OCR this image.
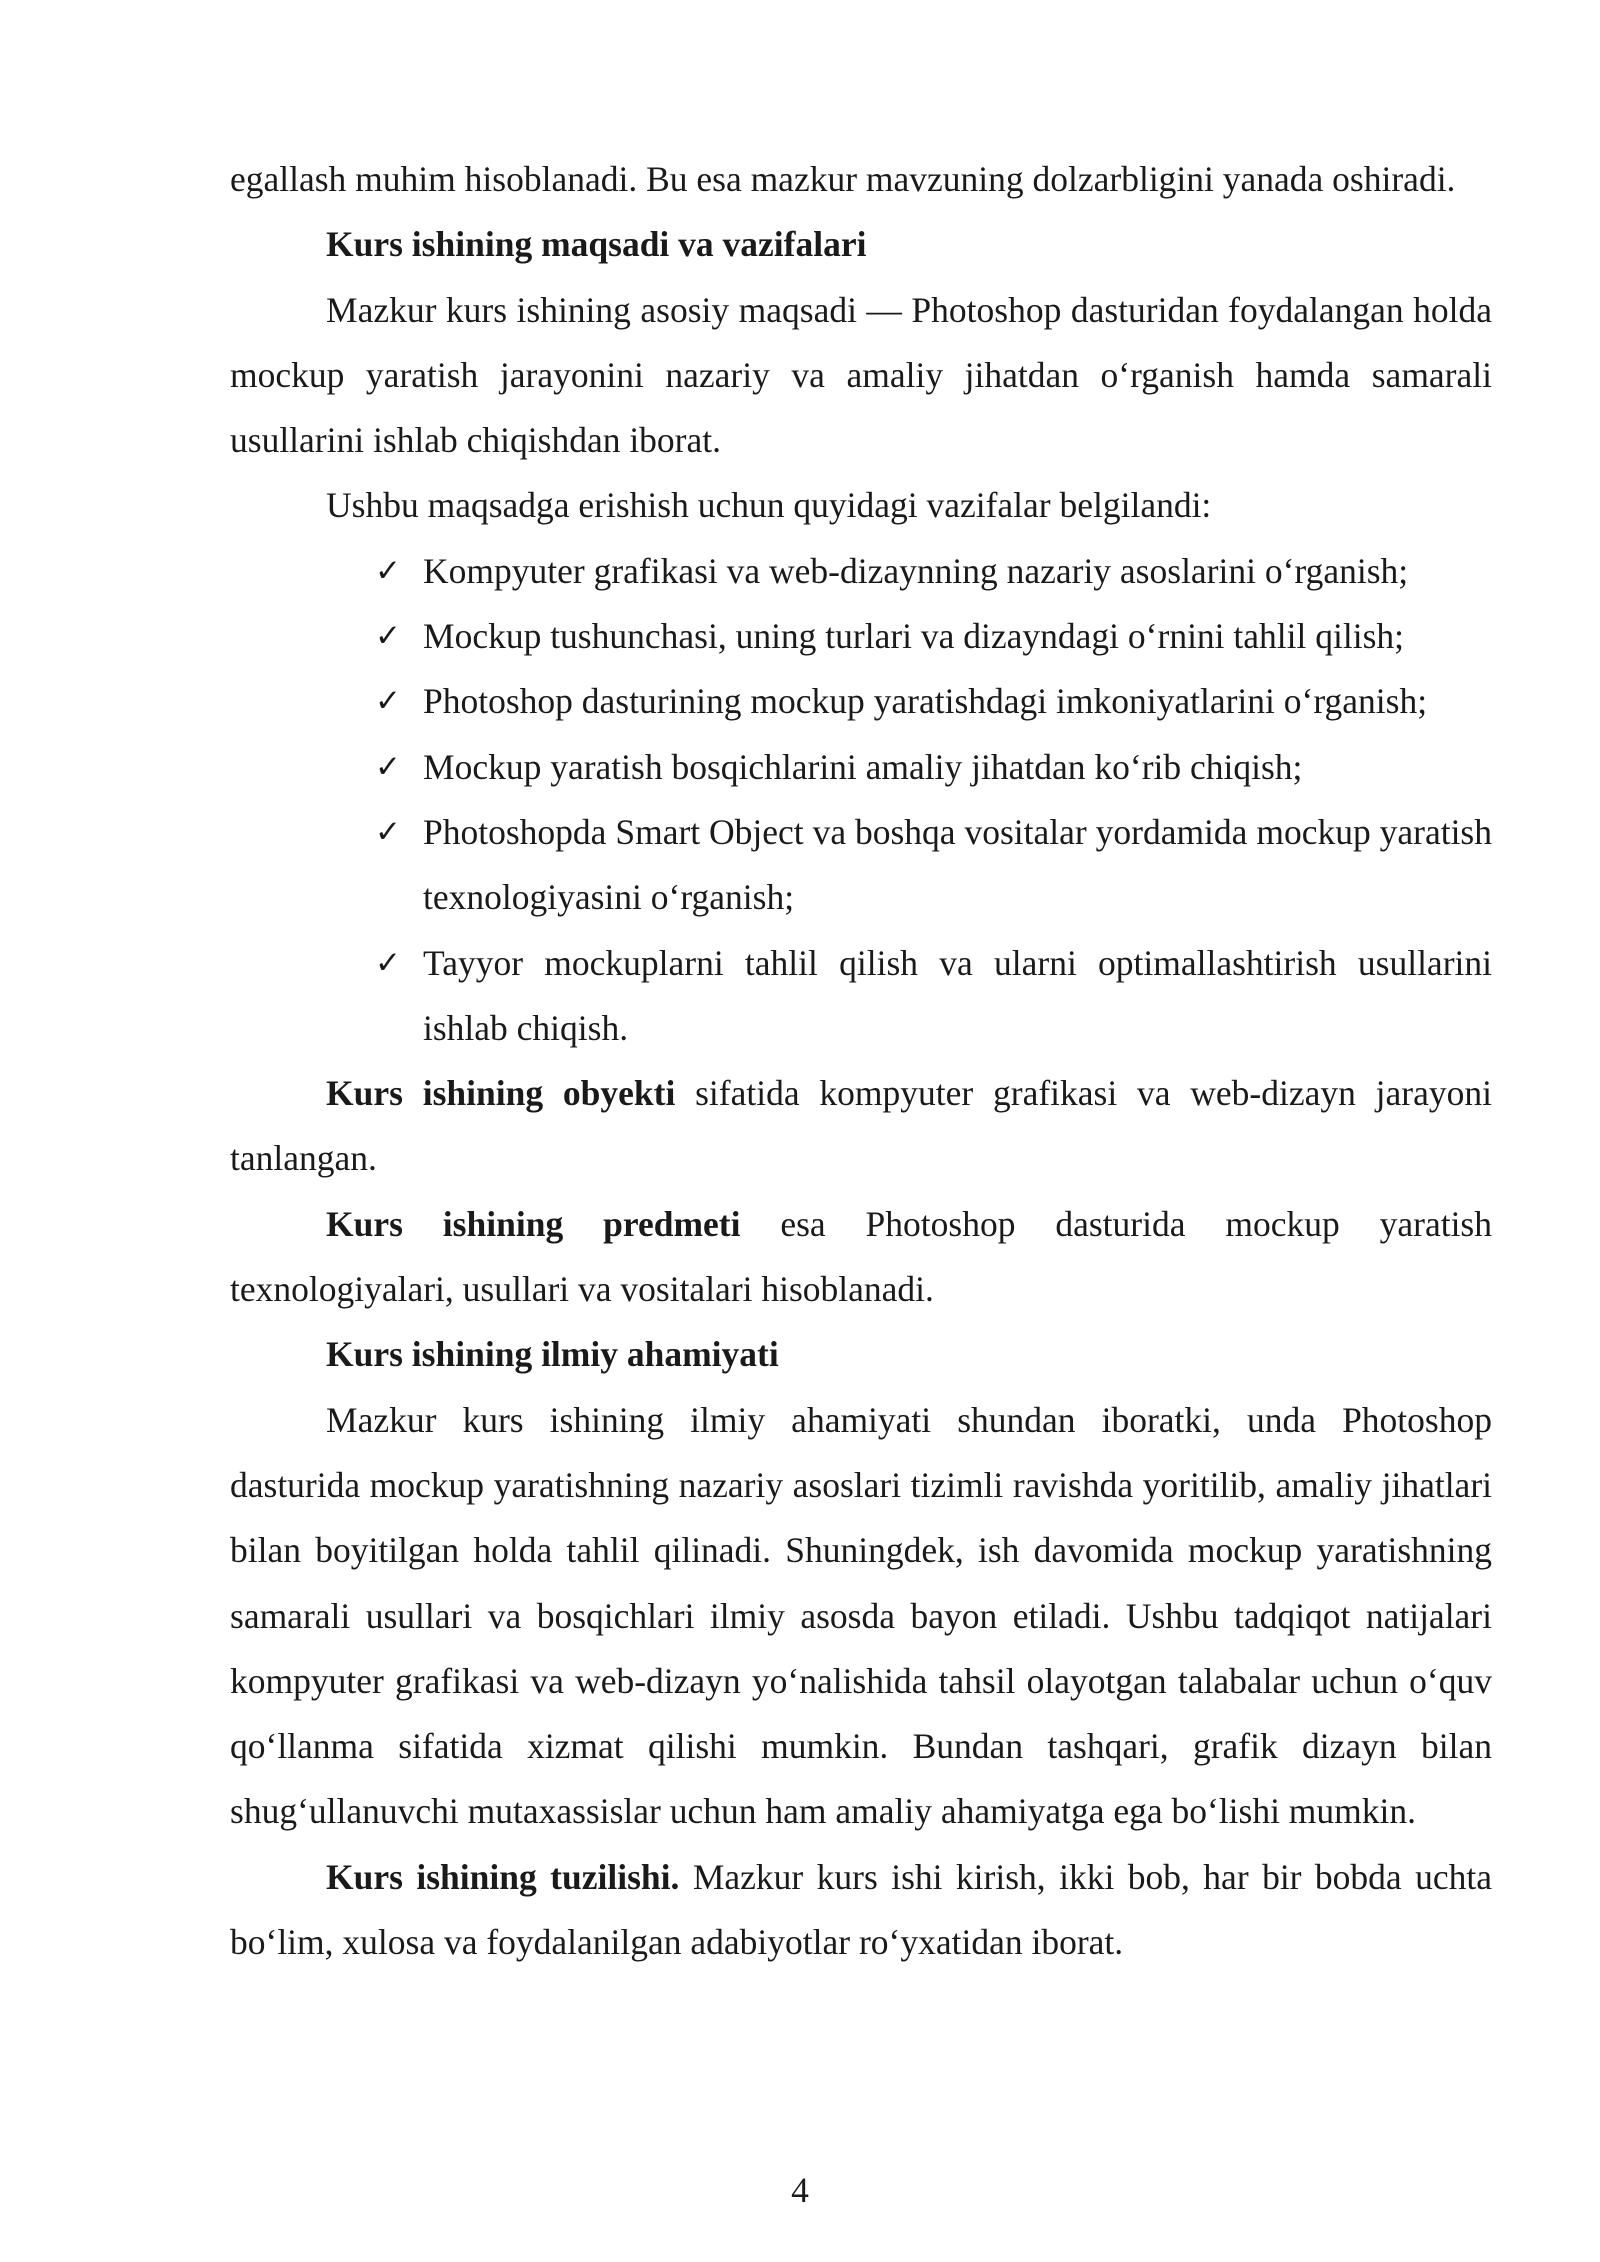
egallash muhim hisoblanadi. Bu esa mazkur mavzuning dolzarbligini yanada oshiradi.

Kurs ishining maqsadi va vazifalari

Mazkur kurs ishining asosiy maqsadi — Photoshop dasturidan foydalangan holda mockup yaratish jarayonini nazariy va amaliy jihatdan o‘rganish hamda samarali usullarini ishlab chiqishdan iborat.

Ushbu maqsadga erishish uchun quyidagi vazifalar belgilandi:

✓ Kompyuter grafikasi va web-dizaynning nazariy asoslarini o‘rganish;
✓ Mockup tushunchasi, uning turlari va dizayndagi o‘rnini tahlil qilish;
✓ Photoshop dasturining mockup yaratishdagi imkoniyatlarini o‘rganish;
✓ Mockup yaratish bosqichlarini amaliy jihatdan ko‘rib chiqish;
✓ Photoshopda Smart Object va boshqa vositalar yordamida mockup yaratish texnologiyasini o‘rganish;
✓ Tayyor mockuplarni tahlil qilish va ularni optimallashtirish usullarini ishlab chiqish.

Kurs ishining obyekti sifatida kompyuter grafikasi va web-dizayn jarayoni tanlangan.

Kurs ishining predmeti esa Photoshop dasturida mockup yaratish texnologiyalari, usullari va vositalari hisoblanadi.

Kurs ishining ilmiy ahamiyati

Mazkur kurs ishining ilmiy ahamiyati shundan iboratki, unda Photoshop dasturida mockup yaratishning nazariy asoslari tizimli ravishda yoritilib, amaliy jihatlari bilan boyitilgan holda tahlil qilinadi. Shuningdek, ish davomida mockup yaratishning samarali usullari va bosqichlari ilmiy asosda bayon etiladi. Ushbu tadqiqot natijalari kompyuter grafikasi va web-dizayn yo‘nalishida tahsil olayotgan talabalar uchun o‘quv qo‘llanma sifatida xizmat qilishi mumkin. Bundan tashqari, grafik dizayn bilan shug‘ullanuvchi mutaxassislar uchun ham amaliy ahamiyatga ega bo‘lishi mumkin.

Kurs ishining tuzilishi. Mazkur kurs ishi kirish, ikki bob, har bir bobda uchta bo‘lim, xulosa va foydalanilgan adabiyotlar ro‘yxatidan iborat.

4
